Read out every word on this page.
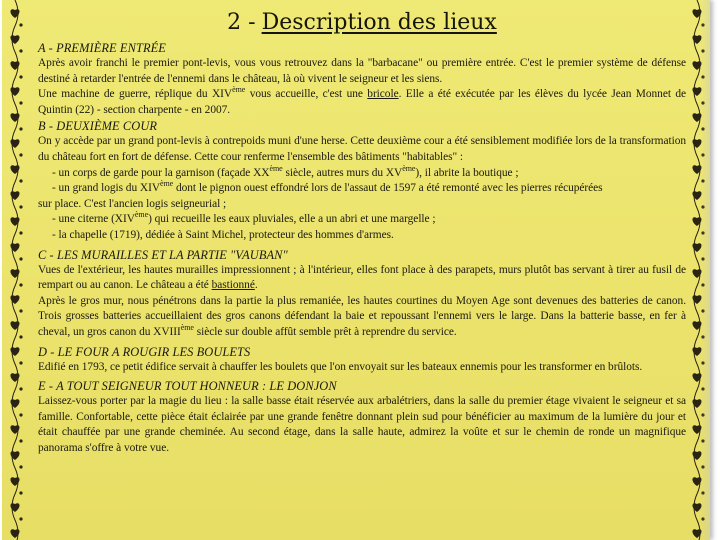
2 - Description des lieux

A - PREMIÈRE ENTRÉE

Après avoir franchi le premier pont-levis, vous vous retrouvez dans la "barbacane" ou première entrée. C'est le premier système de défense destiné à retarder l'entrée de l'ennemi dans le château, là où vivent le seigneur et les siens.

Une machine de guerre, réplique du XIVème vous accueille, c'est une bricole. Elle a été exécutée par les élèves du lycée Jean Monnet de Quintin (22) - section charpente - en 2007.

B - DEUXIÈME COUR

On y accède par un grand pont-levis à contrepoids muni d'une herse. Cette deuxième cour a été sensiblement modifiée lors de la transformation du château fort en fort de défense. Cette cour renferme l'ensemble des bâtiments "habitables" :

- un corps de garde pour la garnison (façade XXème siècle, autres murs du XVème), il abrite la boutique ;

- un grand logis du XIVème dont le pignon ouest effondré lors de l'assaut de 1597 a été remonté avec les pierres récupérées

sur place. C'est l'ancien logis seigneurial ;

- une citerne (XIVème) qui recueille les eaux pluviales, elle a un abri et une margelle ;

- la chapelle (1719), dédiée à Saint Michel, protecteur des hommes d'armes.

C - LES MURAILLES ET LA PARTIE "VAUBAN"

Vues de l'extérieur, les hautes murailles impressionnent ; à l'intérieur, elles font place à des parapets, murs plutôt bas servant à tirer au fusil de rempart ou au canon. Le château a été bastionné.

Après le gros mur, nous pénétrons dans la partie la plus remaniée, les hautes courtines du Moyen Age sont devenues des batteries de canon. Trois grosses batteries accueillaient des gros canons défendant la baie et repoussant l'ennemi vers le large. Dans la batterie basse, en fer à cheval, un gros canon du XVIIIème siècle sur double affût semble prêt à reprendre du service.

D - LE FOUR A ROUGIR LES BOULETS

Edifié en 1793, ce petit édifice servait à chauffer les boulets que l'on envoyait sur les bateaux ennemis pour les transformer en brûlots.

E - A TOUT SEIGNEUR TOUT HONNEUR : LE DONJON

Laissez-vous porter par la magie du lieu : la salle basse était réservée aux arbalétriers, dans la salle du premier étage vivaient le seigneur et sa famille. Confortable, cette pièce était éclairée par une grande fenêtre donnant plein sud pour bénéficier au maximum de la lumière du jour et était chauffée par une grande cheminée. Au second étage, dans la salle haute, admirez la voûte et sur le chemin de ronde un magnifique panorama s'offre à votre vue.
